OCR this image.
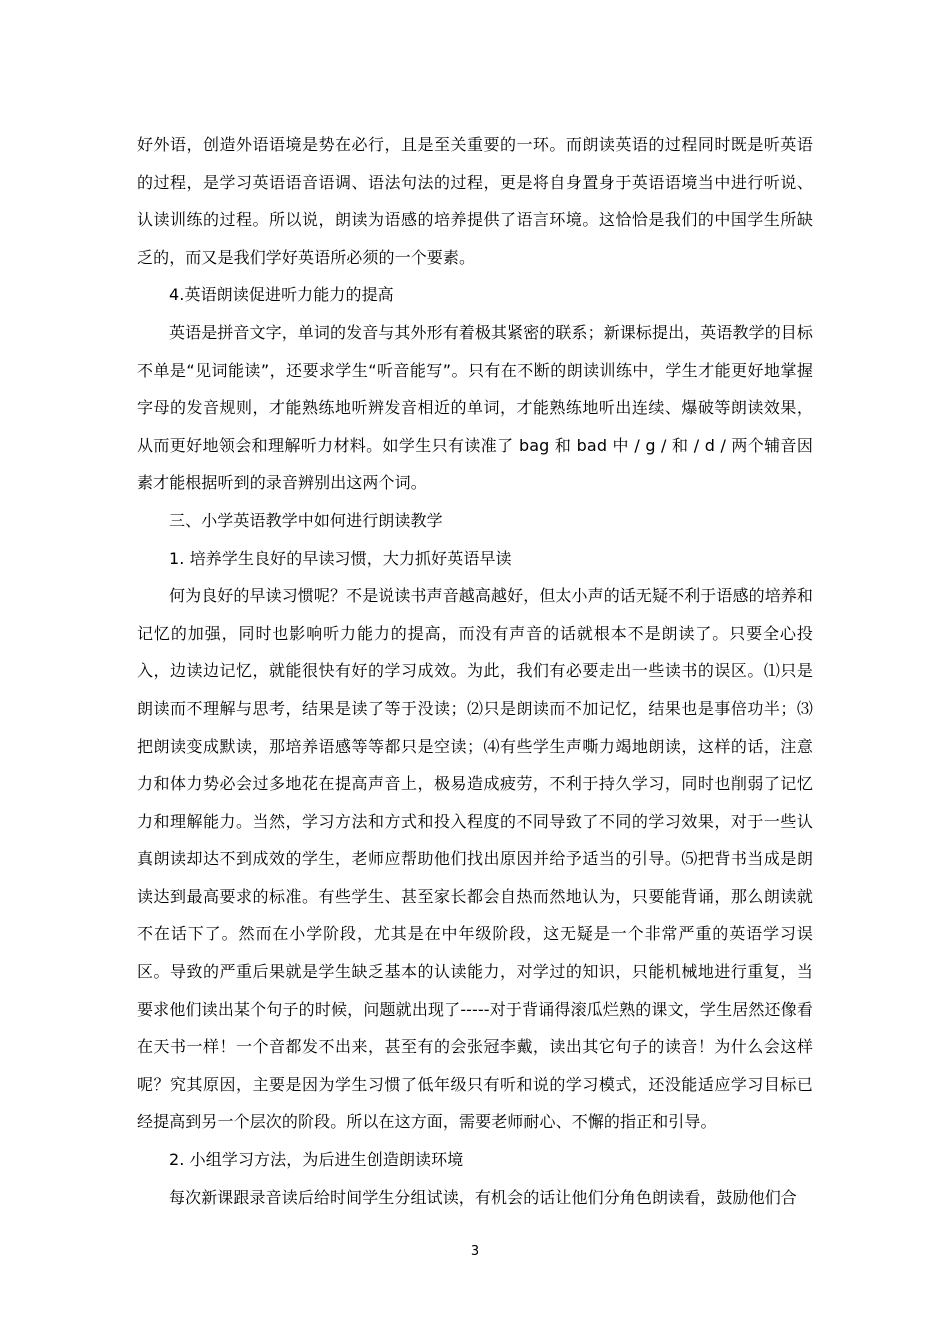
好外语，创造外语语境是势在必行，且是至关重要的一环。而朗读英语的过程同时既是听英语的过程，是学习英语语音语调、语法句法的过程，更是将自身置身于英语语境当中进行听说、认读训练的过程。所以说，朗读为语感的培养提供了语言环境。这恰恰是我们的中国学生所缺乏的，而又是我们学好英语所必须的一个要素。

4.英语朗读促进听力能力的提高

英语是拼音文字，单词的发音与其外形有着极其紧密的联系；新课标提出，英语教学的目标不单是“见词能读”，还要求学生“听音能写”。只有在不断的朗读训练中，学生才能更好地掌握字母的发音规则，才能熟练地听辨发音相近的单词，才能熟练地听出连续、爆破等朗读效果，从而更好地领会和理解听力材料。如学生只有读准了 bag 和 bad 中 / g / 和 / d / 两个辅音因素才能根据听到的录音辨别出这两个词。

三、小学英语教学中如何进行朗读教学

1. 培养学生良好的早读习惯，大力抓好英语早读

何为良好的早读习惯呢？不是说读书声音越高越好，但太小声的话无疑不利于语感的培养和记忆的加强，同时也影响听力能力的提高，而没有声音的话就根本不是朗读了。只要全心投入，边读边记忆，就能很快有好的学习成效。为此，我们有必要走出一些读书的误区。⑴只是朗读而不理解与思考，结果是读了等于没读；⑵只是朗读而不加记忆，结果也是事倍功半；⑶把朗读变成默读，那培养语感等等都只是空读；⑷有些学生声嘶力竭地朗读，这样的话，注意力和体力势必会过多地花在提高声音上，极易造成疲劳，不利于持久学习，同时也削弱了记忆力和理解能力。当然，学习方法和方式和投入程度的不同导致了不同的学习效果，对于一些认真朗读却达不到成效的学生，老师应帮助他们找出原因并给予适当的引导。⑸把背书当成是朗读达到最高要求的标准。有些学生、甚至家长都会自热而然地认为，只要能背诵，那么朗读就不在话下了。然而在小学阶段，尤其是在中年级阶段，这无疑是一个非常严重的英语学习误区。导致的严重后果就是学生缺乏基本的认读能力，对学过的知识，只能机械地进行重复，当要求他们读出某个句子的时候，问题就出现了-----对于背诵得滚瓜烂熟的课文，学生居然还像看在天书一样！一个音都发不出来，甚至有的会张冠李戴，读出其它句子的读音！为什么会这样呢？究其原因，主要是因为学生习惯了低年级只有听和说的学习模式，还没能适应学习目标已经提高到另一个层次的阶段。所以在这方面，需要老师耐心、不懈的指正和引导。

2. 小组学习方法，为后进生创造朗读环境

每次新课跟录音读后给时间学生分组试读，有机会的话让他们分角色朗读看，鼓励他们合

3
